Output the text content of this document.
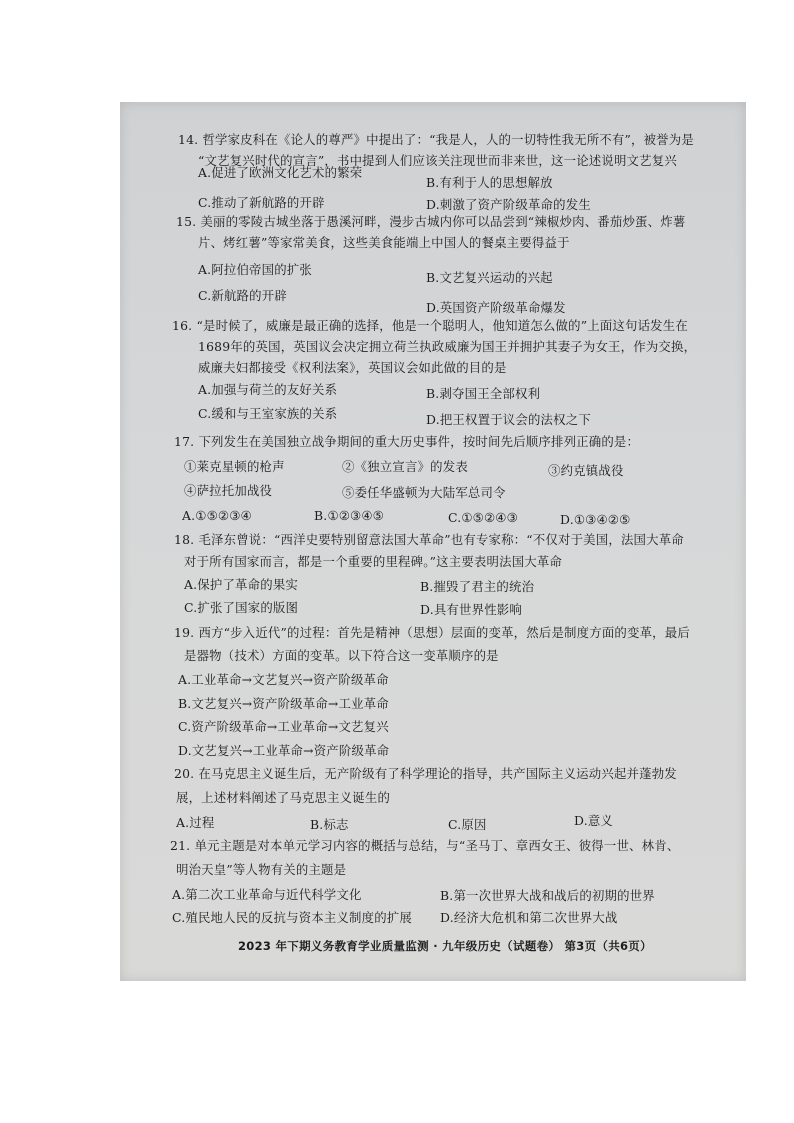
14. 哲学家皮科在《论人的尊严》中提出了：“我是人，人的一切特性我无所不有”，被誉为是
“文艺复兴时代的宣言”，书中提到人们应该关注现世而非来世，这一论述说明文艺复兴
A.促进了欧洲文化艺术的繁荣
B.有利于人的思想解放
C.推动了新航路的开辟	D.刺激了资产阶级革命的发生
15. 美丽的零陵古城坐落于愚溪河畔，漫步古城内你可以品尝到“辣椒炒肉、番茄炒蛋、炸薯
片、烤红薯”等家常美食，这些美食能端上中国人的餐桌主要得益于
A.阿拉伯帝国的扩张
B.文艺复兴运动的兴起
C.新航路的开辟
D.英国资产阶级革命爆发
16. “是时候了，威廉是最正确的选择，他是一个聪明人，他知道怎么做的”上面这句话发生在
1689年的英国，英国议会决定拥立荷兰执政威廉为国王并拥护其妻子为女王，作为交换，
威廉夫妇都接受《权利法案》，英国议会如此做的目的是
A.加强与荷兰的友好关系	B.剥夺国王全部权利
C.缓和与王室家族的关系	D.把王权置于议会的法权之下
17. 下列发生在美国独立战争期间的重大历史事件，按时间先后顺序排列正确的是：
①莱克星顿的枪声	②《独立宣言》的发表	③约克镇战役
④萨拉托加战役	⑤委任华盛顿为大陆军总司令
A.①⑤②③④	B.①②③④⑤	C.①⑤②④③	D.①③④②⑤
18. 毛泽东曾说：“西洋史要特别留意法国大革命”也有专家称：“不仅对于美国，法国大革命
对于所有国家而言，都是一个重要的里程碑。”这主要表明法国大革命
A.保护了革命的果实	B.摧毁了君主的统治
C.扩张了国家的版图	D.具有世界性影响
19. 西方“步入近代”的过程：首先是精神（思想）层面的变革，然后是制度方面的变革，最后
是器物（技术）方面的变革。以下符合这一变革顺序的是
A.工业革命→文艺复兴→资产阶级革命
B.文艺复兴→资产阶级革命→工业革命
C.资产阶级革命→工业革命→文艺复兴
D.文艺复兴→工业革命→资产阶级革命
20. 在马克思主义诞生后，无产阶级有了科学理论的指导，共产国际主义运动兴起并蓬勃发
展，上述材料阐述了马克思主义诞生的
A.过程	B.标志	C.原因	D.意义
21. 单元主题是对本单元学习内容的概括与总结，与“圣马丁、章西女王、彼得一世、林肯、
明治天皇”等人物有关的主题是
A.第二次工业革命与近代科学文化	B.第一次世界大战和战后的初期的世界
C.殖民地人民的反抗与资本主义制度的扩展 D.经济大危机和第二次世界大战
2023 年下期义务教育学业质量监测 · 九年级历史（试题卷） 第3页（共6页）
